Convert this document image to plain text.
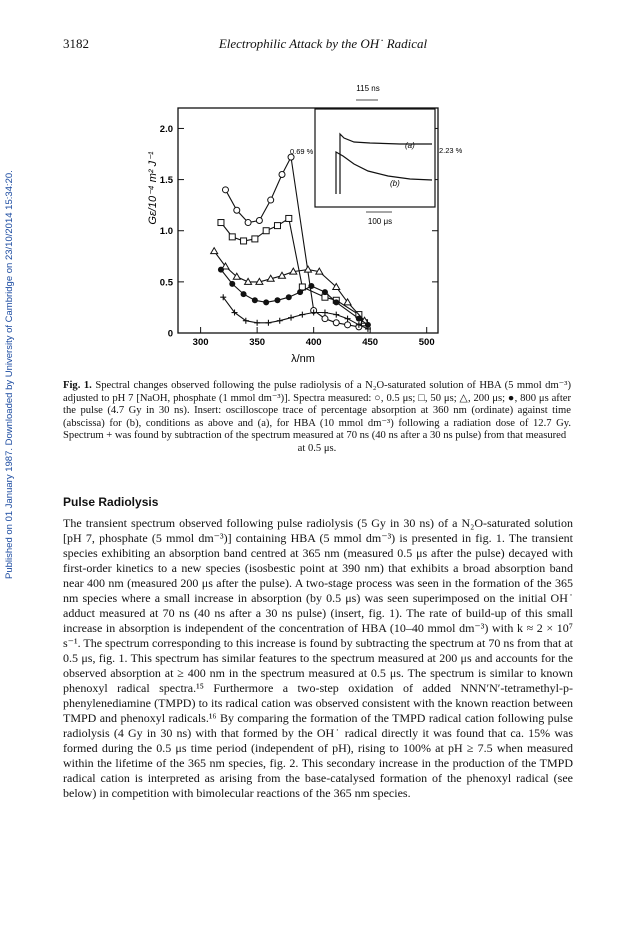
Published on 01 January 1987. Downloaded by University of Cambridge on 23/10/2014 15:34:20.
3182	Electrophilic Attack by the OH˙ Radical
300	350	400	450	500
0
0.5
1.0
1.5
2.0
Gε/10⁻⁴ m² J⁻¹
λ/nm
115 ns
100 μs
(a)
(b)
0.69 %	2.23 %
Fig. 1. Spectral changes observed following the pulse radiolysis of a N₂O-saturated solution of HBA (5 mmol dm⁻³) adjusted to pH 7 [NaOH, phosphate (1 mmol dm⁻³)]. Spectra measured: ○, 0.5 μs; □, 50 μs; △, 200 μs; ●, 800 μs after the pulse (4.7 Gy in 30 ns). Insert: oscilloscope trace of percentage absorption at 360 nm (ordinate) against time (abscissa) for (b), conditions as above and (a), for HBA (10 mmol dm⁻³) following a radiation dose of 12.7 Gy. Spectrum + was found by subtraction of the spectrum measured at 70 ns (40 ns after a 30 ns pulse) from that measured
at 0.5 μs.
Pulse Radiolysis
The transient spectrum observed following pulse radiolysis (5 Gy in 30 ns) of a N₂O-saturated solution [pH 7, phosphate (5 mmol dm⁻³)] containing HBA (5 mmol dm⁻³) is presented in fig. 1. The transient species exhibiting an absorption band centred at 365 nm (measured 0.5 μs after the pulse) decayed with first-order kinetics to a new species (isosbestic point at 390 nm) that exhibits a broad absorption band near 400 nm (measured 200 μs after the pulse). A two-stage process was seen in the formation of the 365 nm species where a small increase in absorption (by 0.5 μs) was seen superimposed on the initial OH˙ adduct measured at 70 ns (40 ns after a 30 ns pulse) (insert, fig. 1). The rate of build-up of this small increase in absorption is independent of the concentration of HBA (10–40 mmol dm⁻³) with k ≈ 2 × 10⁷ s⁻¹. The spectrum corresponding to this increase is found by subtracting the spectrum at 70 ns from that at 0.5 μs, fig. 1. This spectrum has similar features to the spectrum measured at 200 μs and accounts for the observed absorption at ≥ 400 nm in the spectrum measured at 0.5 μs. The spectrum is similar to known phenoxyl radical spectra.¹⁵ Furthermore a two-step oxidation of added NNN′N′-tetramethyl-p-phenylenediamine (TMPD) to its radical cation was observed consistent with the known reaction between TMPD and phenoxyl radicals.¹⁶ By comparing the formation of the TMPD radical cation following pulse radiolysis (4 Gy in 30 ns) with that formed by the OH˙ radical directly it was found that ca. 15% was formed during the 0.5 μs time period (independent of pH), rising to 100% at pH ≥ 7.5 when measured within the lifetime of the 365 nm species, fig. 2. This secondary increase in the production of the TMPD radical cation is interpreted as arising from the base-catalysed formation of the phenoxyl radical (see below) in competition with bimolecular reactions of the 365 nm species.
